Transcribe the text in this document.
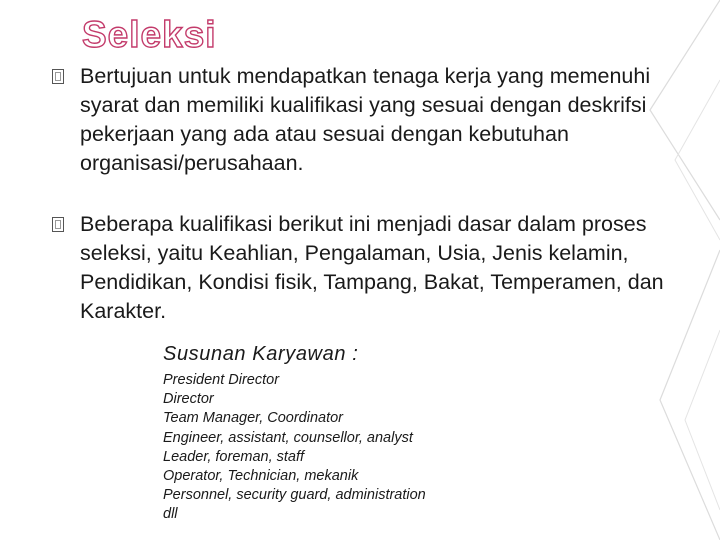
Seleksi
Bertujuan untuk mendapatkan tenaga kerja yang memenuhi syarat dan memiliki kualifikasi yang sesuai dengan deskrifsi pekerjaan yang ada atau sesuai dengan kebutuhan organisasi/perusahaan.
Beberapa kualifikasi berikut ini menjadi dasar dalam proses seleksi, yaitu Keahlian, Pengalaman, Usia, Jenis kelamin, Pendidikan, Kondisi fisik, Tampang, Bakat, Temperamen, dan Karakter.
Susunan Karyawan :
President Director
Director
Team Manager, Coordinator
Engineer, assistant, counsellor, analyst
Leader, foreman, staff
Operator, Technician, mekanik
Personnel, security guard, administration
dll
